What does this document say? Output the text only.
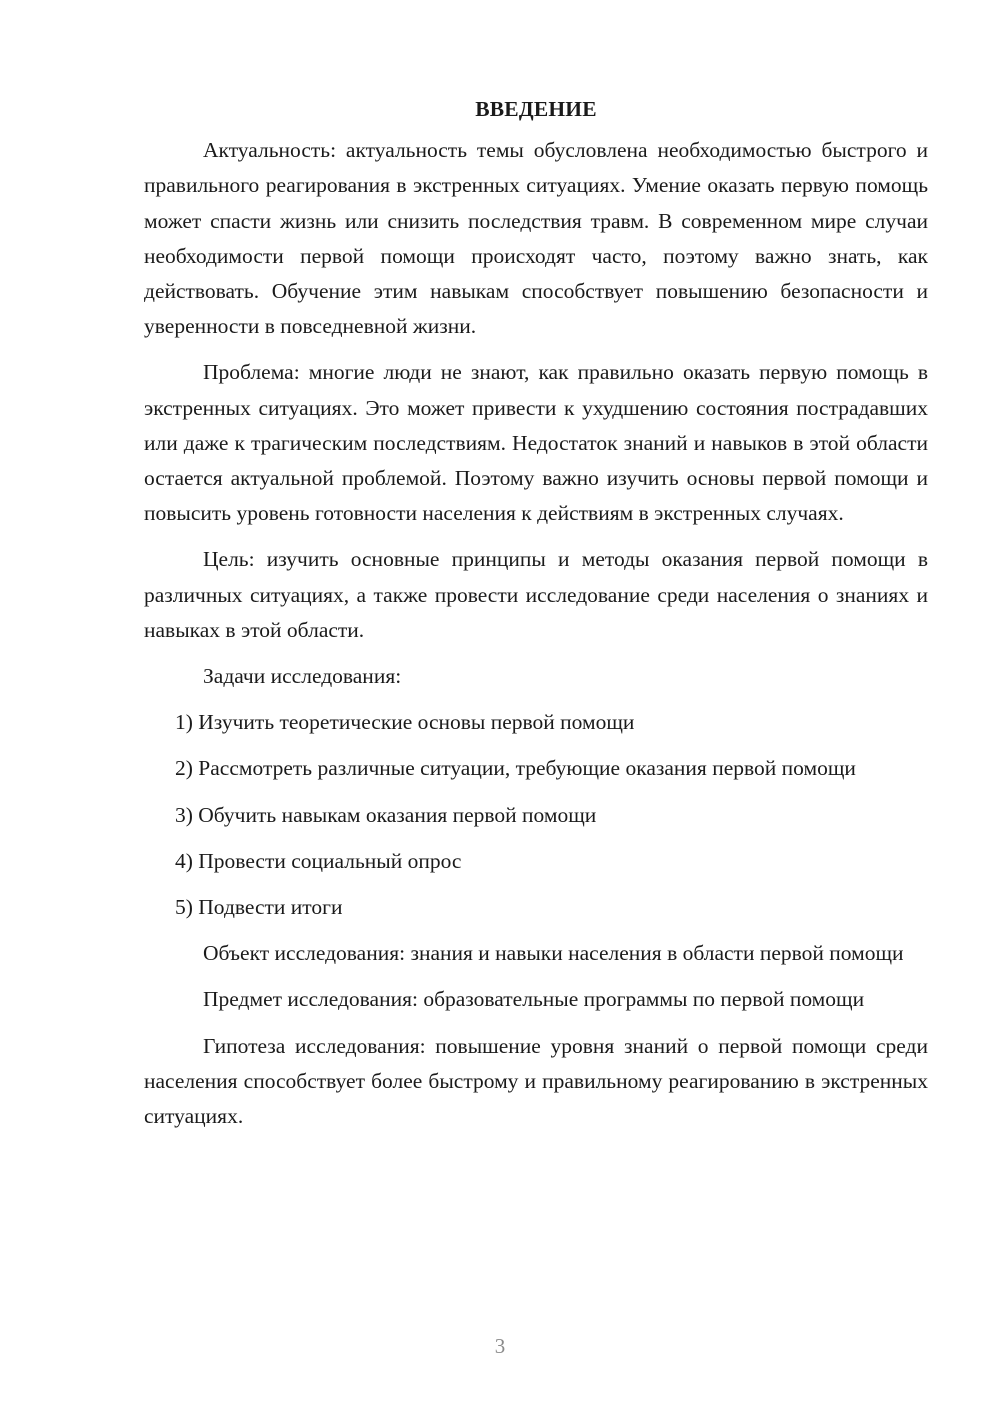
ВВЕДЕНИЕ

Актуальность: актуальность темы обусловлена необходимостью быстрого и правильного реагирования в экстренных ситуациях. Умение оказать первую помощь может спасти жизнь или снизить последствия травм. В современном мире случаи необходимости первой помощи происходят часто, поэтому важно знать, как действовать. Обучение этим навыкам способствует повышению безопасности и уверенности в повседневной жизни.

Проблема: многие люди не знают, как правильно оказать первую помощь в экстренных ситуациях. Это может привести к ухудшению состояния пострадавших или даже к трагическим последствиям. Недостаток знаний и навыков в этой области остается актуальной проблемой. Поэтому важно изучить основы первой помощи и повысить уровень готовности населения к действиям в экстренных случаях.

Цель: изучить основные принципы и методы оказания первой помощи в различных ситуациях, а также провести исследование среди населения о знаниях и навыках в этой области.

Задачи исследования:

1) Изучить теоретические основы первой помощи

2) Рассмотреть различные ситуации, требующие оказания первой помощи

3) Обучить навыкам оказания первой помощи

4) Провести социальный опрос

5) Подвести итоги

Объект исследования: знания и навыки населения в области первой помощи

Предмет исследования: образовательные программы по первой помощи

Гипотеза исследования: повышение уровня знаний о первой помощи среди населения способствует более быстрому и правильному реагированию в экстренных ситуациях.

3
